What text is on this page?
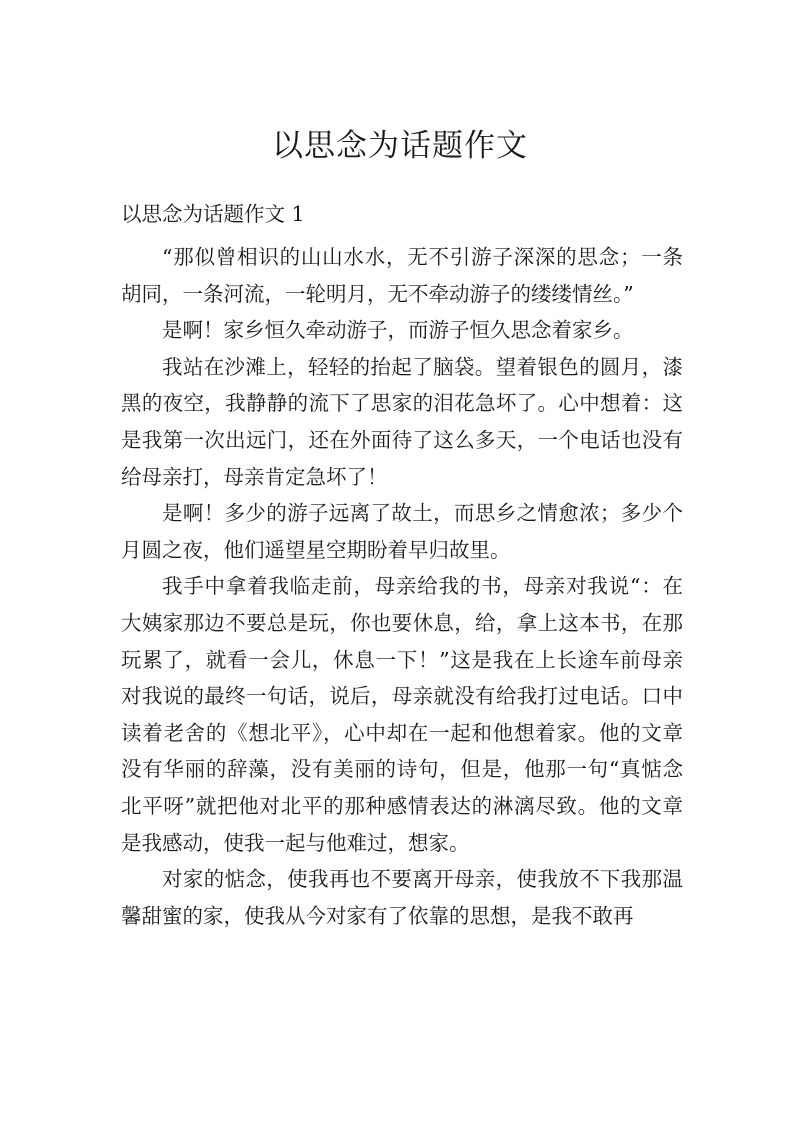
以思念为话题作文

以思念为话题作文 1

“那似曾相识的山山水水，无不引游子深深的思念；一条胡同，一条河流，一轮明月，无不牵动游子的缕缕情丝。”

是啊！家乡恒久牵动游子，而游子恒久思念着家乡。

我站在沙滩上，轻轻的抬起了脑袋。望着银色的圆月，漆黑的夜空，我静静的流下了思家的泪花急坏了。心中想着：这是我第一次出远门，还在外面待了这么多天，一个电话也没有给母亲打，母亲肯定急坏了！

是啊！多少的游子远离了故土，而思乡之情愈浓；多少个月圆之夜，他们遥望星空期盼着早归故里。

我手中拿着我临走前，母亲给我的书，母亲对我说“：在大姨家那边不要总是玩，你也要休息，给，拿上这本书，在那玩累了，就看一会儿，休息一下！”这是我在上长途车前母亲对我说的最终一句话，说后，母亲就没有给我打过电话。口中读着老舍的《想北平》，心中却在一起和他想着家。他的文章没有华丽的辞藻，没有美丽的诗句，但是，他那一句“真惦念北平呀”就把他对北平的那种感情表达的淋漓尽致。他的文章是我感动，使我一起与他难过，想家。

对家的惦念，使我再也不要离开母亲，使我放不下我那温馨甜蜜的家，使我从今对家有了依靠的思想，是我不敢再
